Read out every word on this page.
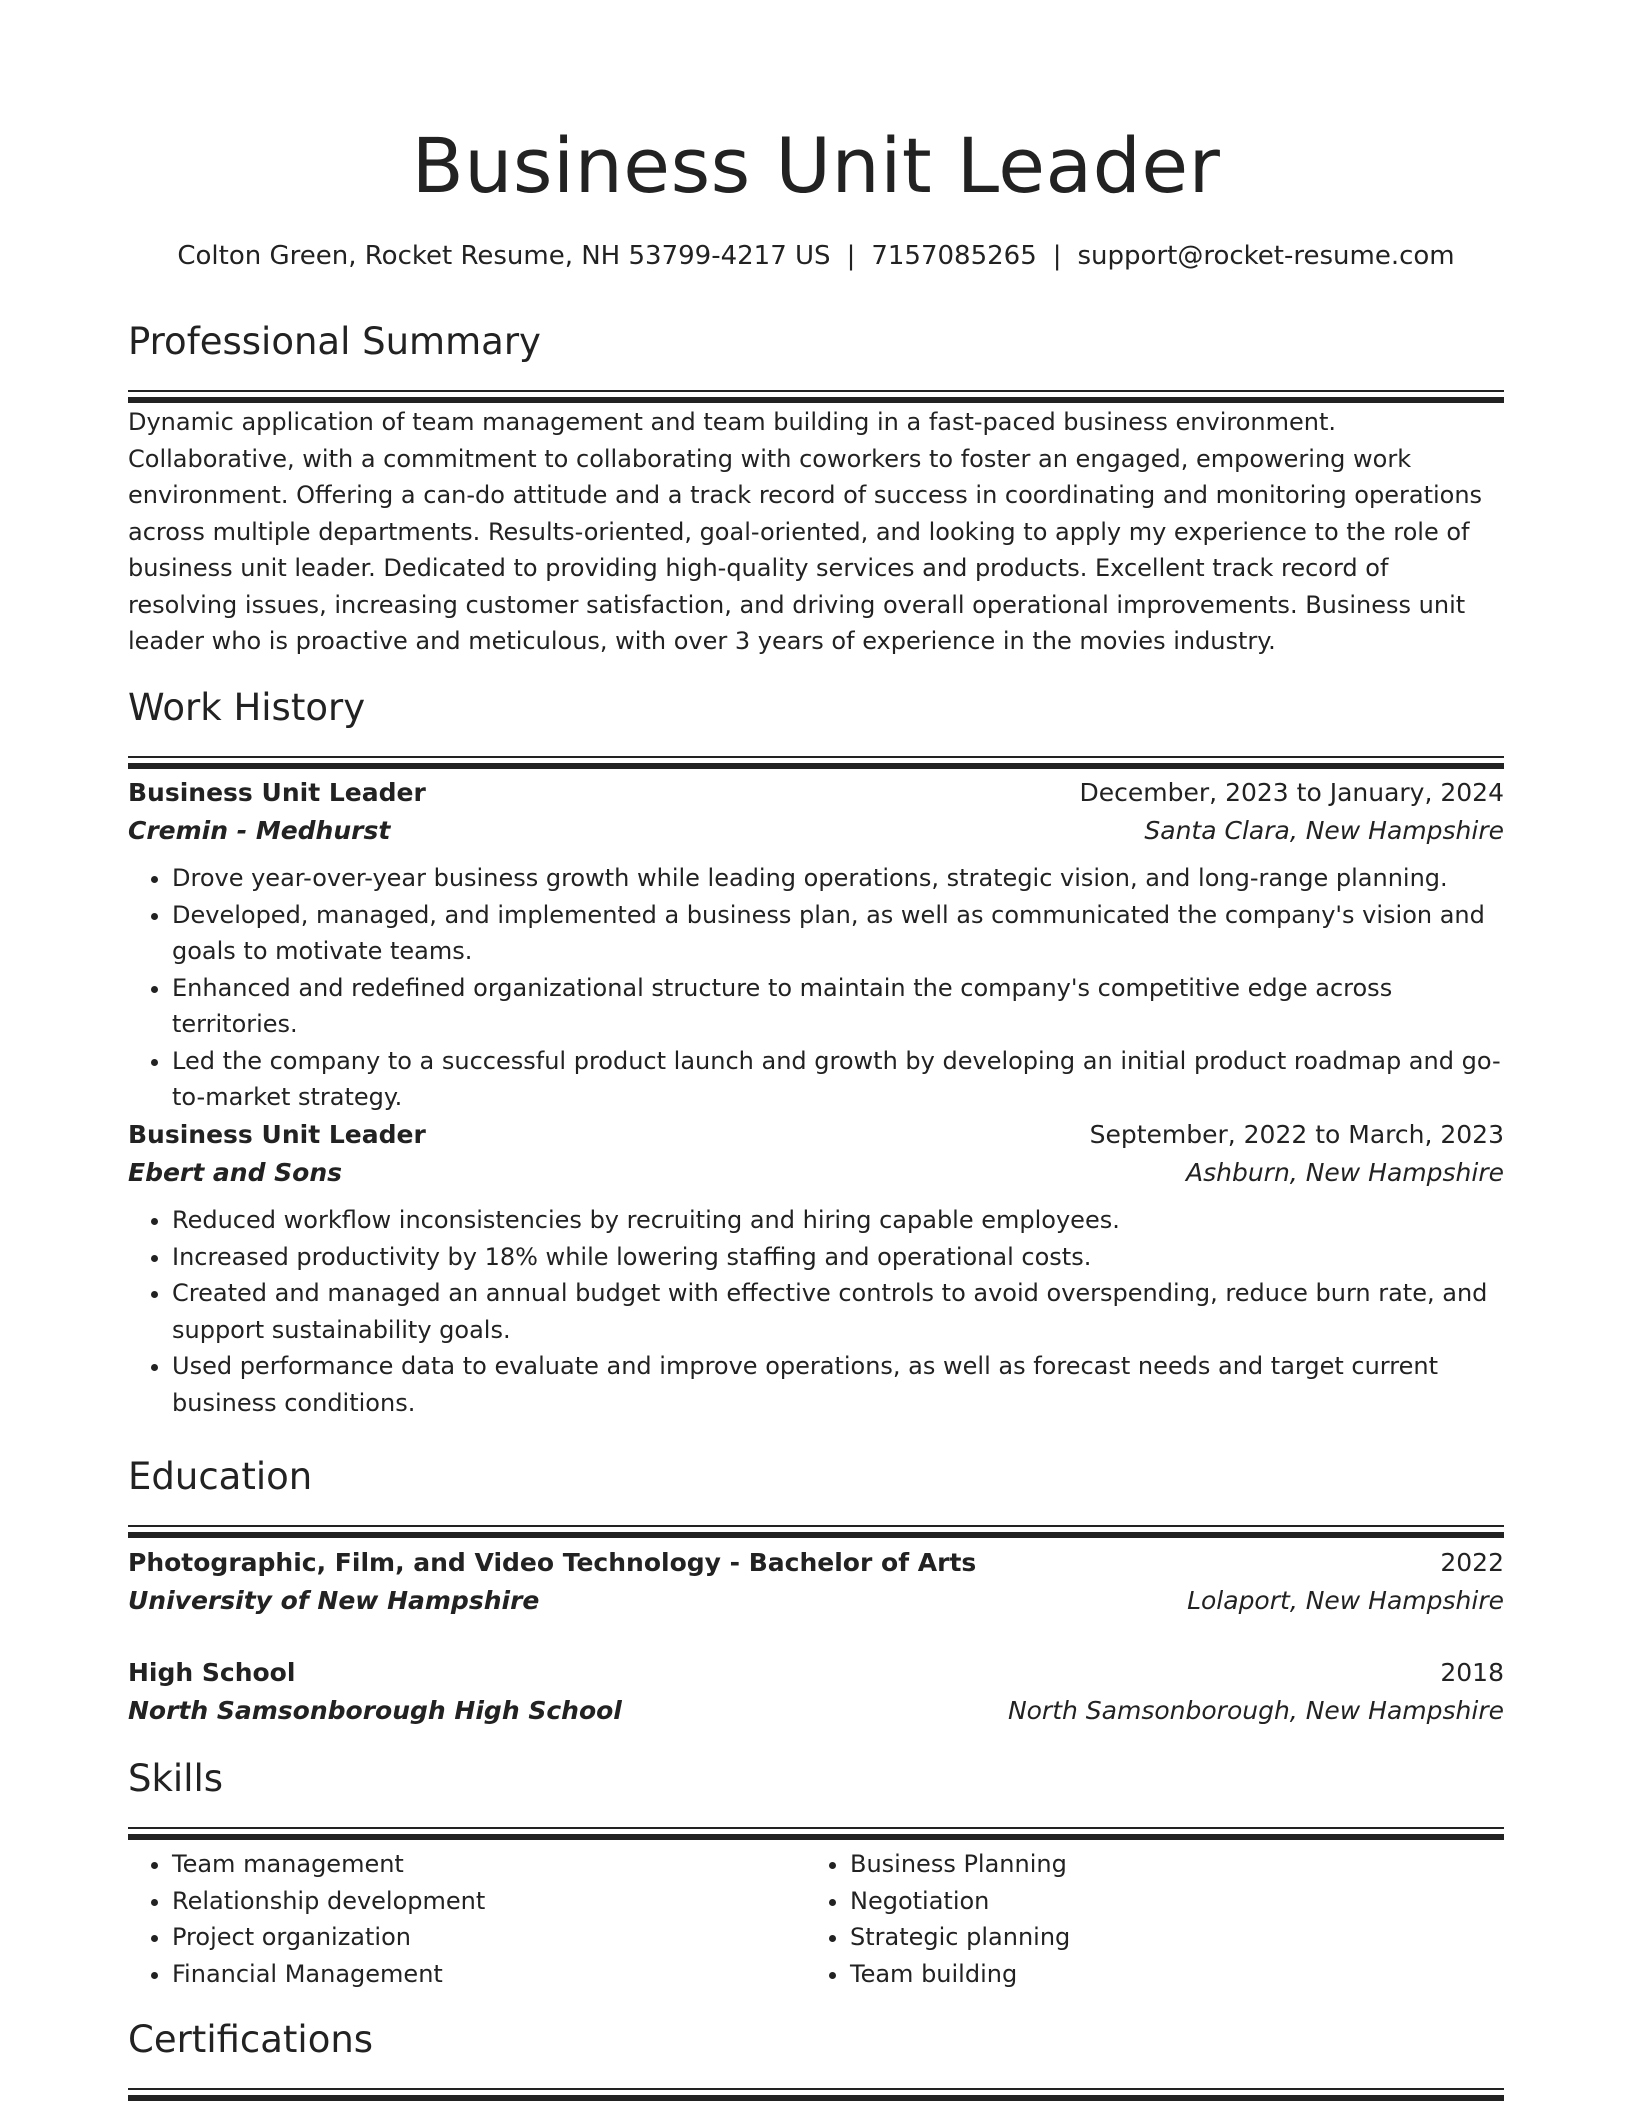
Business Unit Leader
Colton Green, Rocket Resume, NH 53799-4217 US | 7157085265 | support@rocket-resume.com
Professional Summary

Dynamic application of team management and team building in a fast-paced business environment. Collaborative, with a commitment to collaborating with coworkers to foster an engaged, empowering work environment. Offering a can-do attitude and a track record of success in coordinating and monitoring operations across multiple departments. Results-oriented, goal-oriented, and looking to apply my experience to the role of business unit leader. Dedicated to providing high-quality services and products. Excellent track record of resolving issues, increasing customer satisfaction, and driving overall operational improvements. Business unit leader who is proactive and meticulous, with over 3 years of experience in the movies industry.

Work History
Business Unit Leader	December, 2023 to January, 2024
Cremin - Medhurst	Santa Clara, New Hampshire
• Drove year-over-year business growth while leading operations, strategic vision, and long-range planning.
• Developed, managed, and implemented a business plan, as well as communicated the company's vision and goals to motivate teams.
• Enhanced and redefined organizational structure to maintain the company's competitive edge across territories.
• Led the company to a successful product launch and growth by developing an initial product roadmap and go-to-market strategy.
Business Unit Leader	September, 2022 to March, 2023
Ebert and Sons	Ashburn, New Hampshire
• Reduced workflow inconsistencies by recruiting and hiring capable employees.
• Increased productivity by 18% while lowering staffing and operational costs.
• Created and managed an annual budget with effective controls to avoid overspending, reduce burn rate, and support sustainability goals.
• Used performance data to evaluate and improve operations, as well as forecast needs and target current business conditions.
Education
Photographic, Film, and Video Technology - Bachelor of Arts	2022
University of New Hampshire	Lolaport, New Hampshire
High School	2018
North Samsonborough High School	North Samsonborough, New Hampshire
Skills
• Team management
• Relationship development
• Project organization
• Financial Management
• Business Planning
• Negotiation
• Strategic planning
• Team building
Certifications
